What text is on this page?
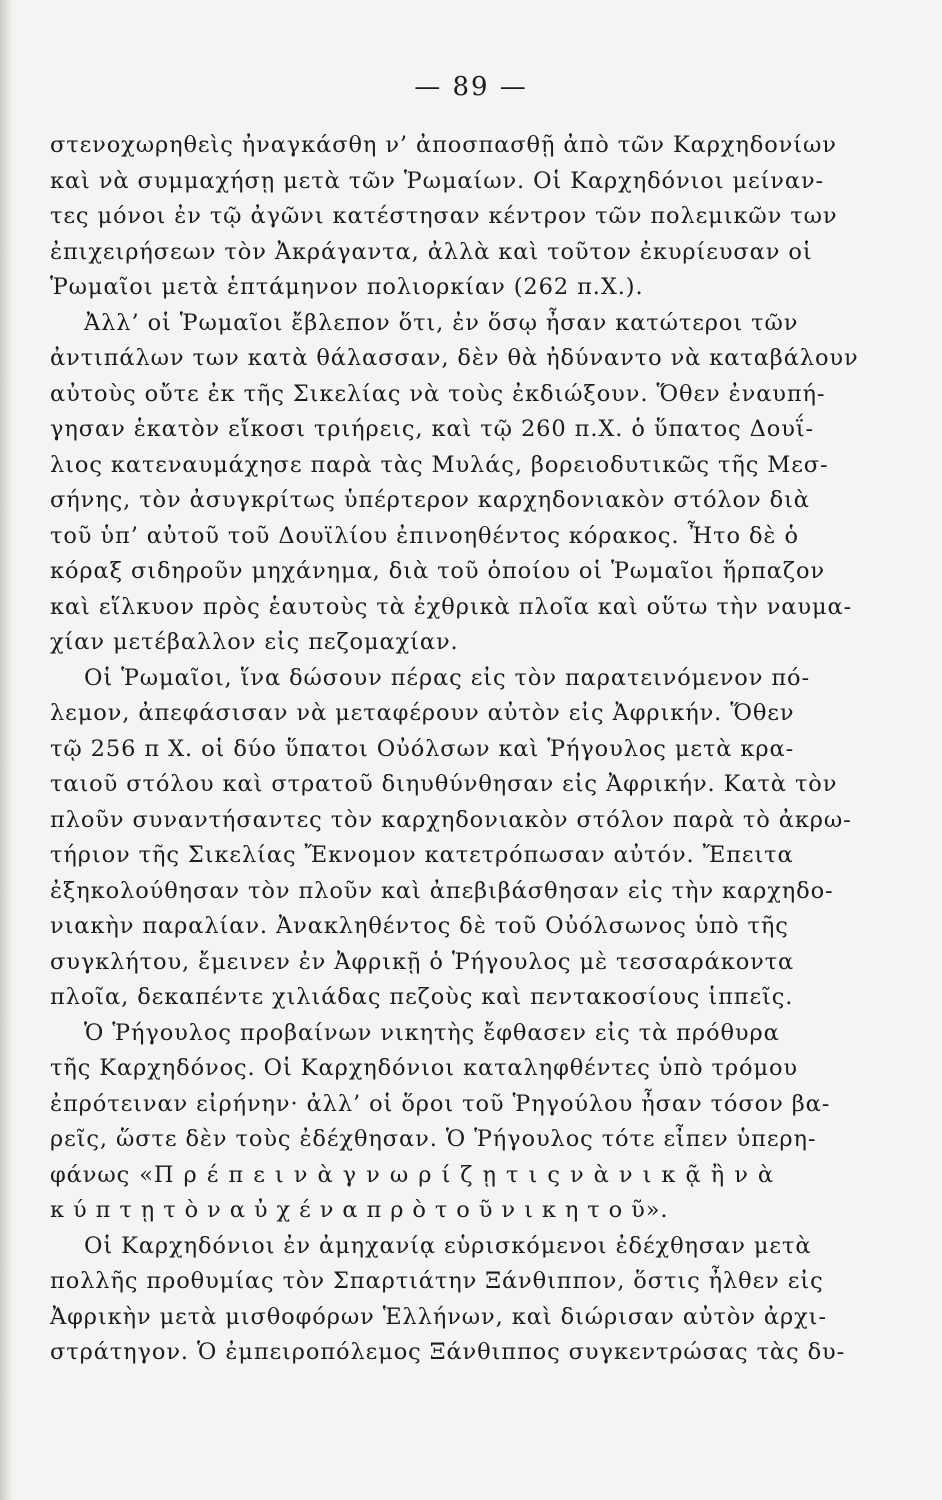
— 89 —
στενοχωρηθεὶς ἠναγκάσθη ν’ ἀποσπασθῇ ἀπὸ τῶν Καρχηδονίων
καὶ νὰ συμμαχήσῃ μετὰ τῶν Ῥωμαίων. Οἱ Καρχηδόνιοι μείναν-
τες μόνοι ἐν τῷ ἀγῶνι κατέστησαν κέντρον τῶν πολεμικῶν των
ἐπιχειρήσεων τὸν Ἀκράγαντα, ἀλλὰ καὶ τοῦτον ἐκυρίευσαν οἱ
Ῥωμαῖοι μετὰ ἑπτάμηνον πολιορκίαν (262 π.Χ.).
Ἀλλ’ οἱ Ῥωμαῖοι ἔβλεπον ὅτι, ἐν ὅσῳ ἦσαν κατώτεροι τῶν
ἀντιπάλων των κατὰ θάλασσαν, δὲν θὰ ἠδύναντο νὰ καταβάλουν
αὐτοὺς οὔτε ἐκ τῆς Σικελίας νὰ τοὺς ἐκδιώξουν. Ὅθεν ἐναυπή-
γησαν ἑκατὸν εἴκοσι τριήρεις, καὶ τῷ 260 π.Χ. ὁ ὕπατος Δουΐ-
λιος κατεναυμάχησε παρὰ τὰς Μυλάς, βορειοδυτικῶς τῆς Μεσ-
σήνης, τὸν ἀσυγκρίτως ὑπέρτερον καρχηδονιακὸν στόλον διὰ
τοῦ ὑπ’ αὐτοῦ τοῦ Δουϊλίου ἐπινοηθέντος κόρακος. Ἦτο δὲ ὁ
κόραξ σιδηροῦν μηχάνημα, διὰ τοῦ ὁποίου οἱ Ῥωμαῖοι ἥρπαζον
καὶ εἵλκυον πρὸς ἑαυτοὺς τὰ ἐχθρικὰ πλοῖα καὶ οὕτω τὴν ναυμα-
χίαν μετέβαλλον εἰς πεζομαχίαν.
Οἱ Ῥωμαῖοι, ἵνα δώσουν πέρας εἰς τὸν παρατεινόμενον πό-
λεμον, ἀπεφάσισαν νὰ μεταφέρουν αὐτὸν εἰς Ἀφρικήν. Ὅθεν
τῷ 256 π Χ. οἱ δύο ὕπατοι Οὐόλσων καὶ Ῥήγουλος μετὰ κρα-
ταιοῦ στόλου καὶ στρατοῦ διηυθύνθησαν εἰς Ἀφρικήν. Κατὰ τὸν
πλοῦν συναντήσαντες τὸν καρχηδονιακὸν στόλον παρὰ τὸ ἀκρω-
τήριον τῆς Σικελίας Ἔκνομον κατετρόπωσαν αὐτόν. Ἔπειτα
ἐξηκολούθησαν τὸν πλοῦν καὶ ἀπεβιβάσθησαν εἰς τὴν καρχηδο-
νιακὴν παραλίαν. Ἀνακληθέντος δὲ τοῦ Οὐόλσωνος ὑπὸ τῆς
συγκλήτου, ἔμεινεν ἐν Ἀφρικῇ ὁ Ῥήγουλος μὲ τεσσαράκοντα
πλοῖα, δεκαπέντε χιλιάδας πεζοὺς καὶ πεντακοσίους ἱππεῖς.
Ὁ Ῥήγουλος προβαίνων νικητὴς ἔφθασεν εἰς τὰ πρόθυρα
τῆς Καρχηδόνος. Οἱ Καρχηδόνιοι καταληφθέντες ὑπὸ τρόμου
ἐπρότειναν εἰρήνην· ἀλλ’ οἱ ὅροι τοῦ Ῥηγούλου ἦσαν τόσον βα-
ρεῖς, ὥστε δὲν τοὺς ἐδέχθησαν. Ὁ Ῥήγουλος τότε εἶπεν ὑπερη-
φάνως «Π ρ έ π ε ι ν ὰ γ ν ω ρ ί ζ ῃ τ ι ς ν ὰ ν ι κ ᾷ ἢ ν ὰ
κ ύ π τ ῃ τ ὸ ν α ὐ χ έ ν α π ρ ὸ τ ο ῦ ν ι κ η τ ο ῦ».
Οἱ Καρχηδόνιοι ἐν ἀμηχανίᾳ εὑρισκόμενοι ἐδέχθησαν μετὰ
πολλῆς προθυμίας τὸν Σπαρτιάτην Ξάνθιππον, ὅστις ἦλθεν εἰς
Ἀφρικὴν μετὰ μισθοφόρων Ἑλλήνων, καὶ διώρισαν αὐτὸν ἀρχι-
στράτηγον. Ὁ ἐμπειροπόλεμος Ξάνθιππος συγκεντρώσας τὰς δυ-
